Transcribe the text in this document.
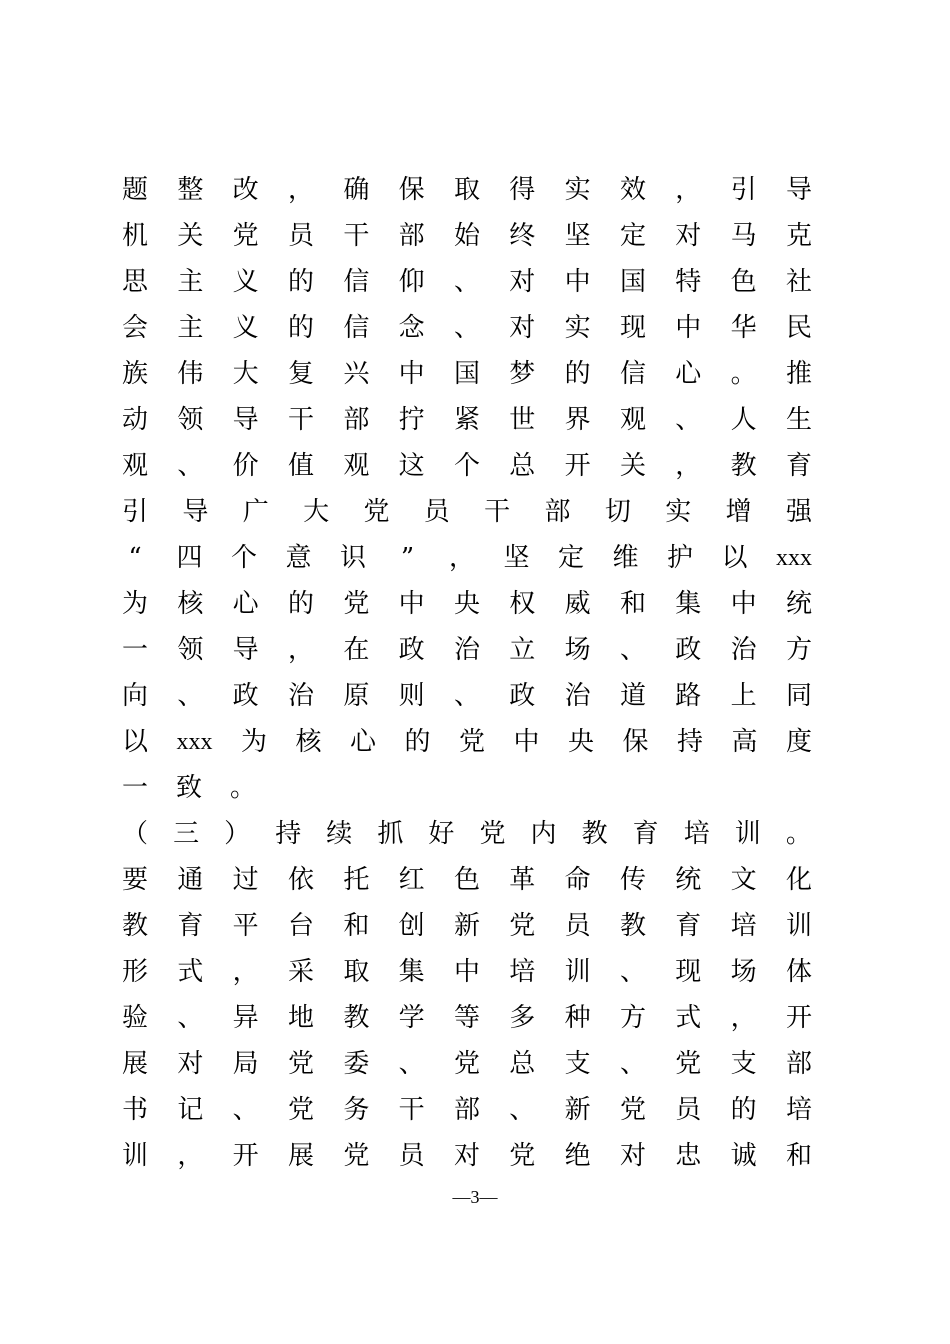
题 整 改 ， 确 保 取 得 实 效 ， 引 导
机 关 党 员 干 部 始 终 坚 定 对 马 克
思 主 义 的 信 仰 、 对 中 国 特 色 社
会 主 义 的 信 念 、 对 实 现 中 华 民
族 伟 大 复 兴 中 国 梦 的 信 心 。 推
动 领 导 干 部 拧 紧 世 界 观 、 人 生
观 、 价 值 观 这 个 总 开 关 ， 教 育
引 导 广 大 党 员 干 部 切 实 增 强
“ 四 个 意 识 ” ， 坚 定 维 护 以 xxx
为 核 心 的 党 中 央 权 威 和 集 中 统
一 领 导 ， 在 政 治 立 场 、 政 治 方
向 、 政 治 原 则 、 政 治 道 路 上 同
以 xxx 为 核 心 的 党 中 央 保 持 高 度
一 致 。
（ 三 ） 持 续 抓 好 党 内 教 育 培 训 。
要 通 过 依 托 红 色 革 命 传 统 文 化
教 育 平 台 和 创 新 党 员 教 育 培 训
形 式 ， 采 取 集 中 培 训 、 现 场 体
验 、 异 地 教 学 等 多 种 方 式 ， 开
展 对 局 党 委 、 党 总 支 、 党 支 部
书 记 、 党 务 干 部 、 新 党 员 的 培
训 ， 开 展 党 员 对 党 绝 对 忠 诚 和
—3—
